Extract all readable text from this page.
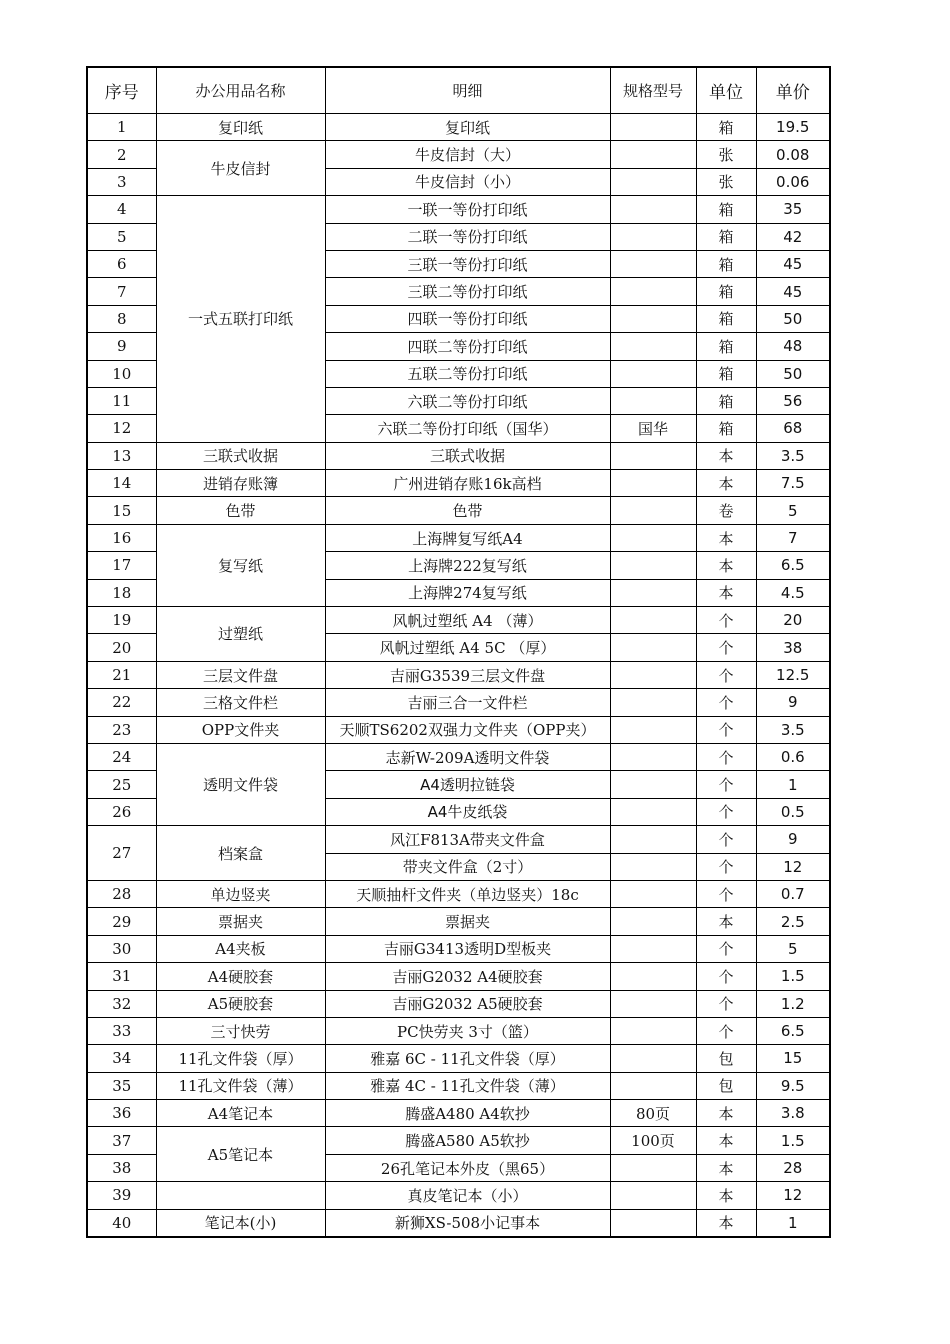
序号	办公用品名称	明细	规格型号	单位	单价
1	复印纸	复印纸		箱	19.5
2	牛皮信封	牛皮信封（大）		张	0.08
3		牛皮信封（小）		张	0.06
4	一式五联打印纸	一联一等份打印纸		箱	35
5		二联一等份打印纸		箱	42
6		三联一等份打印纸		箱	45
7		三联二等份打印纸		箱	45
8		四联一等份打印纸		箱	50
9		四联二等份打印纸		箱	48
10		五联二等份打印纸		箱	50
11		六联二等份打印纸		箱	56
12		六联二等份打印纸（国华）	国华	箱	68
13	三联式收据	三联式收据		本	3.5
14	进销存账簿	广州进销存账16k高档		本	7.5
15	色带	色带		卷	5
16	复写纸	上海牌复写纸A4		本	7
17		上海牌222复写纸		本	6.5
18		上海牌274复写纸		本	4.5
19	过塑纸	风帆过塑纸 A4 （薄）		个	20
20		风帆过塑纸 A4 5C （厚）		个	38
21	三层文件盘	吉丽G3539三层文件盘		个	12.5
22	三格文件栏	吉丽三合一文件栏		个	9
23	OPP文件夹	天顺TS6202双强力文件夹（OPP夹）		个	3.5
24	透明文件袋	志新W-209A透明文件袋		个	0.6
25		A4透明拉链袋		个	1
26		A4牛皮纸袋		个	0.5
27	档案盒	风江F813A带夹文件盒		个	9
		带夹文件盒（2寸）		个	12
28	单边竖夹	天顺抽杆文件夹（单边竖夹）18c		个	0.7
29	票据夹	票据夹		本	2.5
30	A4夹板	吉丽G3413透明D型板夹		个	5
31	A4硬胶套	吉丽G2032 A4硬胶套		个	1.5
32	A5硬胶套	吉丽G2032 A5硬胶套		个	1.2
33	三寸快劳	PC快劳夹 3寸（篮）		个	6.5
34	11孔文件袋（厚）	雅嘉 6C - 11孔文件袋（厚）		包	15
35	11孔文件袋（薄）	雅嘉 4C - 11孔文件袋（薄）		包	9.5
36	A4笔记本	腾盛A480 A4软抄	80页	本	3.8
37	A5笔记本	腾盛A580 A5软抄	100页	本	1.5
38		26孔笔记本外皮（黑65）		本	28
39		真皮笔记本（小）		本	12
40	笔记本(小)	新狮XS-508小记事本		本	1
